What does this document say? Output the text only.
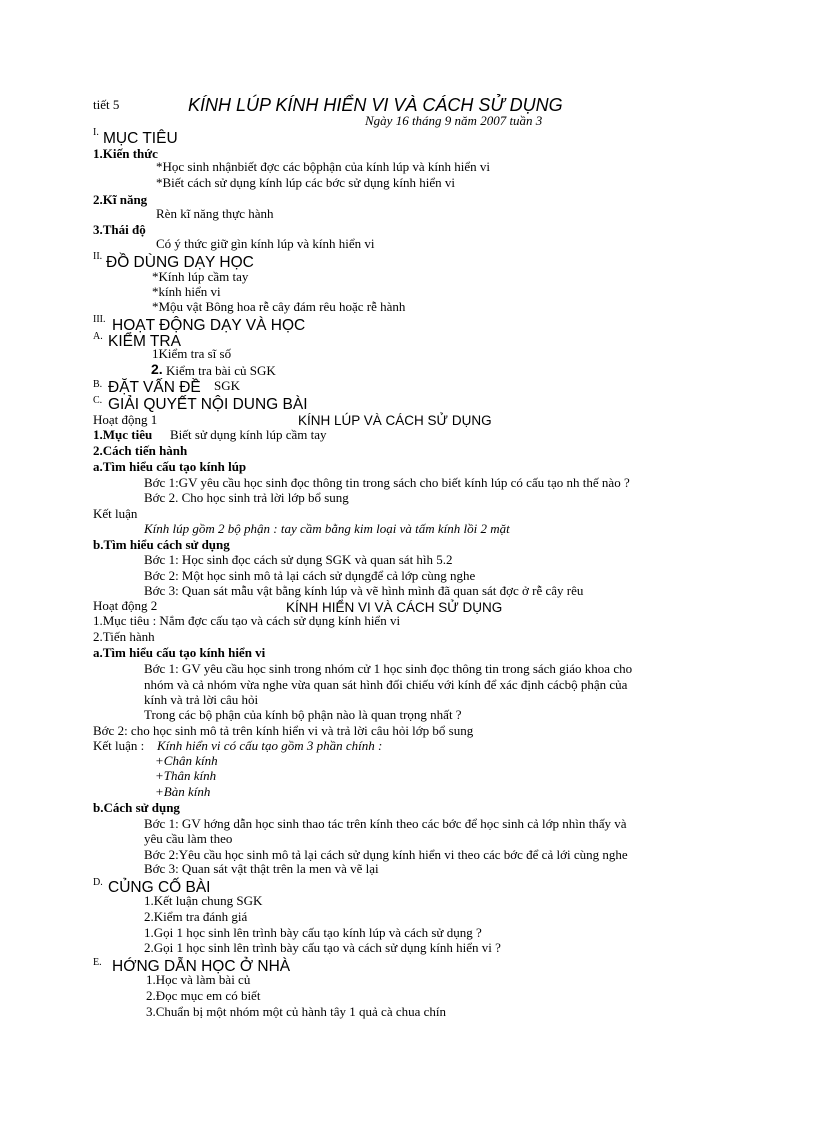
tiết 5	KÍNH LÚP KÍNH HIỂN VI VÀ CÁCH SỬ DỤNG
Ngày 16 tháng 9 năm 2007 tuần 3
I. MỤC TIÊU
1.Kiến thức
*Học sinh nhậnbiết đợc các bộphận của kính lúp và kính hiển vi
*Biết cách sử dụng kính lúp các bớc sử dụng kính hiển vi
2.Kĩ năng
Rèn kĩ năng thực hành
3.Thái độ
Có ý thức giữ gìn kính lúp và kính hiển vi
II. ĐỒ DÙNG DẠY HỌC
*Kính lúp cầm tay
*kính hiển vi
*Mộu vật Bông hoa rễ cây đám rêu hoặc rễ hành
III. HOẠT ĐỘNG DẠY VÀ HỌC
A. KIỂM TRA
1Kiểm tra sĩ số
2. Kiểm tra bài củ SGK
B. ĐẶT VẤN ĐỀ SGK
C. GIẢI QUYẾT NỘI DUNG BÀI
Hoạt động 1	KÍNH LÚP VÀ CÁCH SỬ DỤNG
1.Mục tiêu Biết sử dụng kính lúp cầm tay
2.Cách tiến hành
a.Tìm hiểu cấu tạo kính lúp
Bớc 1:GV yêu cầu học sinh đọc thông tin trong sách cho biết kính lúp có cấu tạo nh thế nào ?
Bớc 2. Cho học sinh trả lời lớp bổ sung
Kết luận
Kính lúp gồm 2 bộ phận : tay cầm bằng kim loại và tấm kính lồi 2 mặt
b.Tìm hiểu cách sử dụng
Bớc 1: Học sinh đọc cách sử dụng SGK và quan sát hìh 5.2
Bớc 2: Một học sinh mô tả lại cách sử dụngđể cả lớp cùng nghe
Bớc 3: Quan sát mẫu vật bằng kính lúp và vẽ hình mình đã quan sát đợc ở rễ cây rêu
Hoạt động 2	KÍNH HIỂN VI VÀ CÁCH SỬ DỤNG
1.Mục tiêu : Nắm đợc cấu tạo và cách sử dụng kính hiển vi
2.Tiến hành
a.Tìm hiểu cấu tạo kính hiển vi
Bớc 1: GV yêu cầu học sinh trong nhóm cử 1 học sinh đọc thông tin trong sách giáo khoa cho
nhóm và cả nhóm vừa nghe vừa quan sát hình đối chiếu với kính để xác định cácbộ phận của
kính và trả lời câu hỏi
Trong các bộ phận của kính bộ phận nào là quan trọng nhất ?
Bớc 2: cho học sinh mô tả trên kính hiển vi và trả lời câu hỏi lớp bổ sung
Kết luận : Kính hiển vi có cấu tạo gồm 3 phần chính :
+Chân kính
+Thân kính
+Bàn kính
b.Cách sử dụng
Bớc 1: GV hớng dẫn học sinh thao tác trên kính theo các bớc để học sinh cả lớp nhìn thấy và
yêu cầu làm theo
Bớc 2:Yêu cầu học sinh mô tả lại cách sử dụng kính hiển vi theo các bớc để cả lới cùng nghe
Bớc 3: Quan sát vật thật trên la men và vẽ lại
D. CỦNG CỐ BÀI
1.Kết luận chung SGK
2.Kiểm tra đánh giá
1.Gọi 1 học sinh lên trình bày cấu tạo kính lúp và cách sử dụng ?
2.Gọi 1 học sinh lên trình bày cấu tạo và cách sử dụng kính hiển vi ?
E. HỚNG DẪN HỌC Ở NHÀ
1.Học và làm bài củ
2.Đọc mục em có biết
3.Chuẩn bị một nhóm một củ hành tây 1 quả cà chua chín
